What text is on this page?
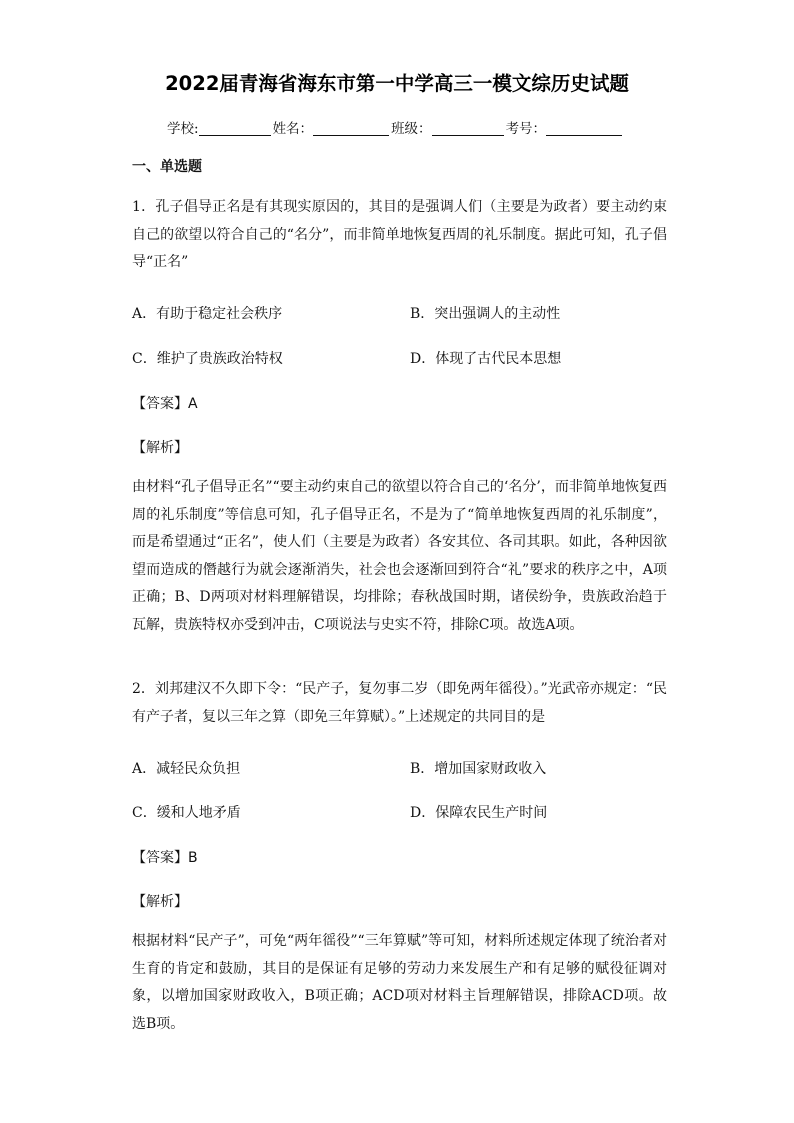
2022届青海省海东市第一中学高三一模文综历史试题
学校:	姓名：	班级：	考号：
一、单选题
1．孔子倡导正名是有其现实原因的，其目的是强调人们（主要是为政者）要主动约束自己的欲望以符合自己的“名分”，而非简单地恢复西周的礼乐制度。据此可知，孔子倡导“正名”
A．有助于稳定社会秩序	B．突出强调人的主动性
C．维护了贵族政治特权	D．体现了古代民本思想
【答案】A
【解析】
由材料“孔子倡导正名”“要主动约束自己的欲望以符合自己的‘名分’，而非简单地恢复西周的礼乐制度”等信息可知，孔子倡导正名，不是为了“简单地恢复西周的礼乐制度”，而是希望通过“正名”，使人们（主要是为政者）各安其位、各司其职。如此，各种因欲望而造成的僭越行为就会逐渐消失，社会也会逐渐回到符合“礼”要求的秩序之中，A项正确；B、D两项对材料理解错误，均排除；春秋战国时期，诸侯纷争，贵族政治趋于瓦解，贵族特权亦受到冲击，C项说法与史实不符，排除C项。故选A项。
2．刘邦建汉不久即下令：“民产子，复勿事二岁（即免两年徭役）。”光武帝亦规定：“民有产子者，复以三年之算（即免三年算赋）。”上述规定的共同目的是
A．减轻民众负担	B．增加国家财政收入
C．缓和人地矛盾	D．保障农民生产时间
【答案】B
【解析】
根据材料“民产子”，可免“两年徭役”“三年算赋”等可知，材料所述规定体现了统治者对生育的肯定和鼓励，其目的是保证有足够的劳动力来发展生产和有足够的赋役征调对象，以增加国家财政收入，B项正确；ACD项对材料主旨理解错误，排除ACD项。故选B项。
